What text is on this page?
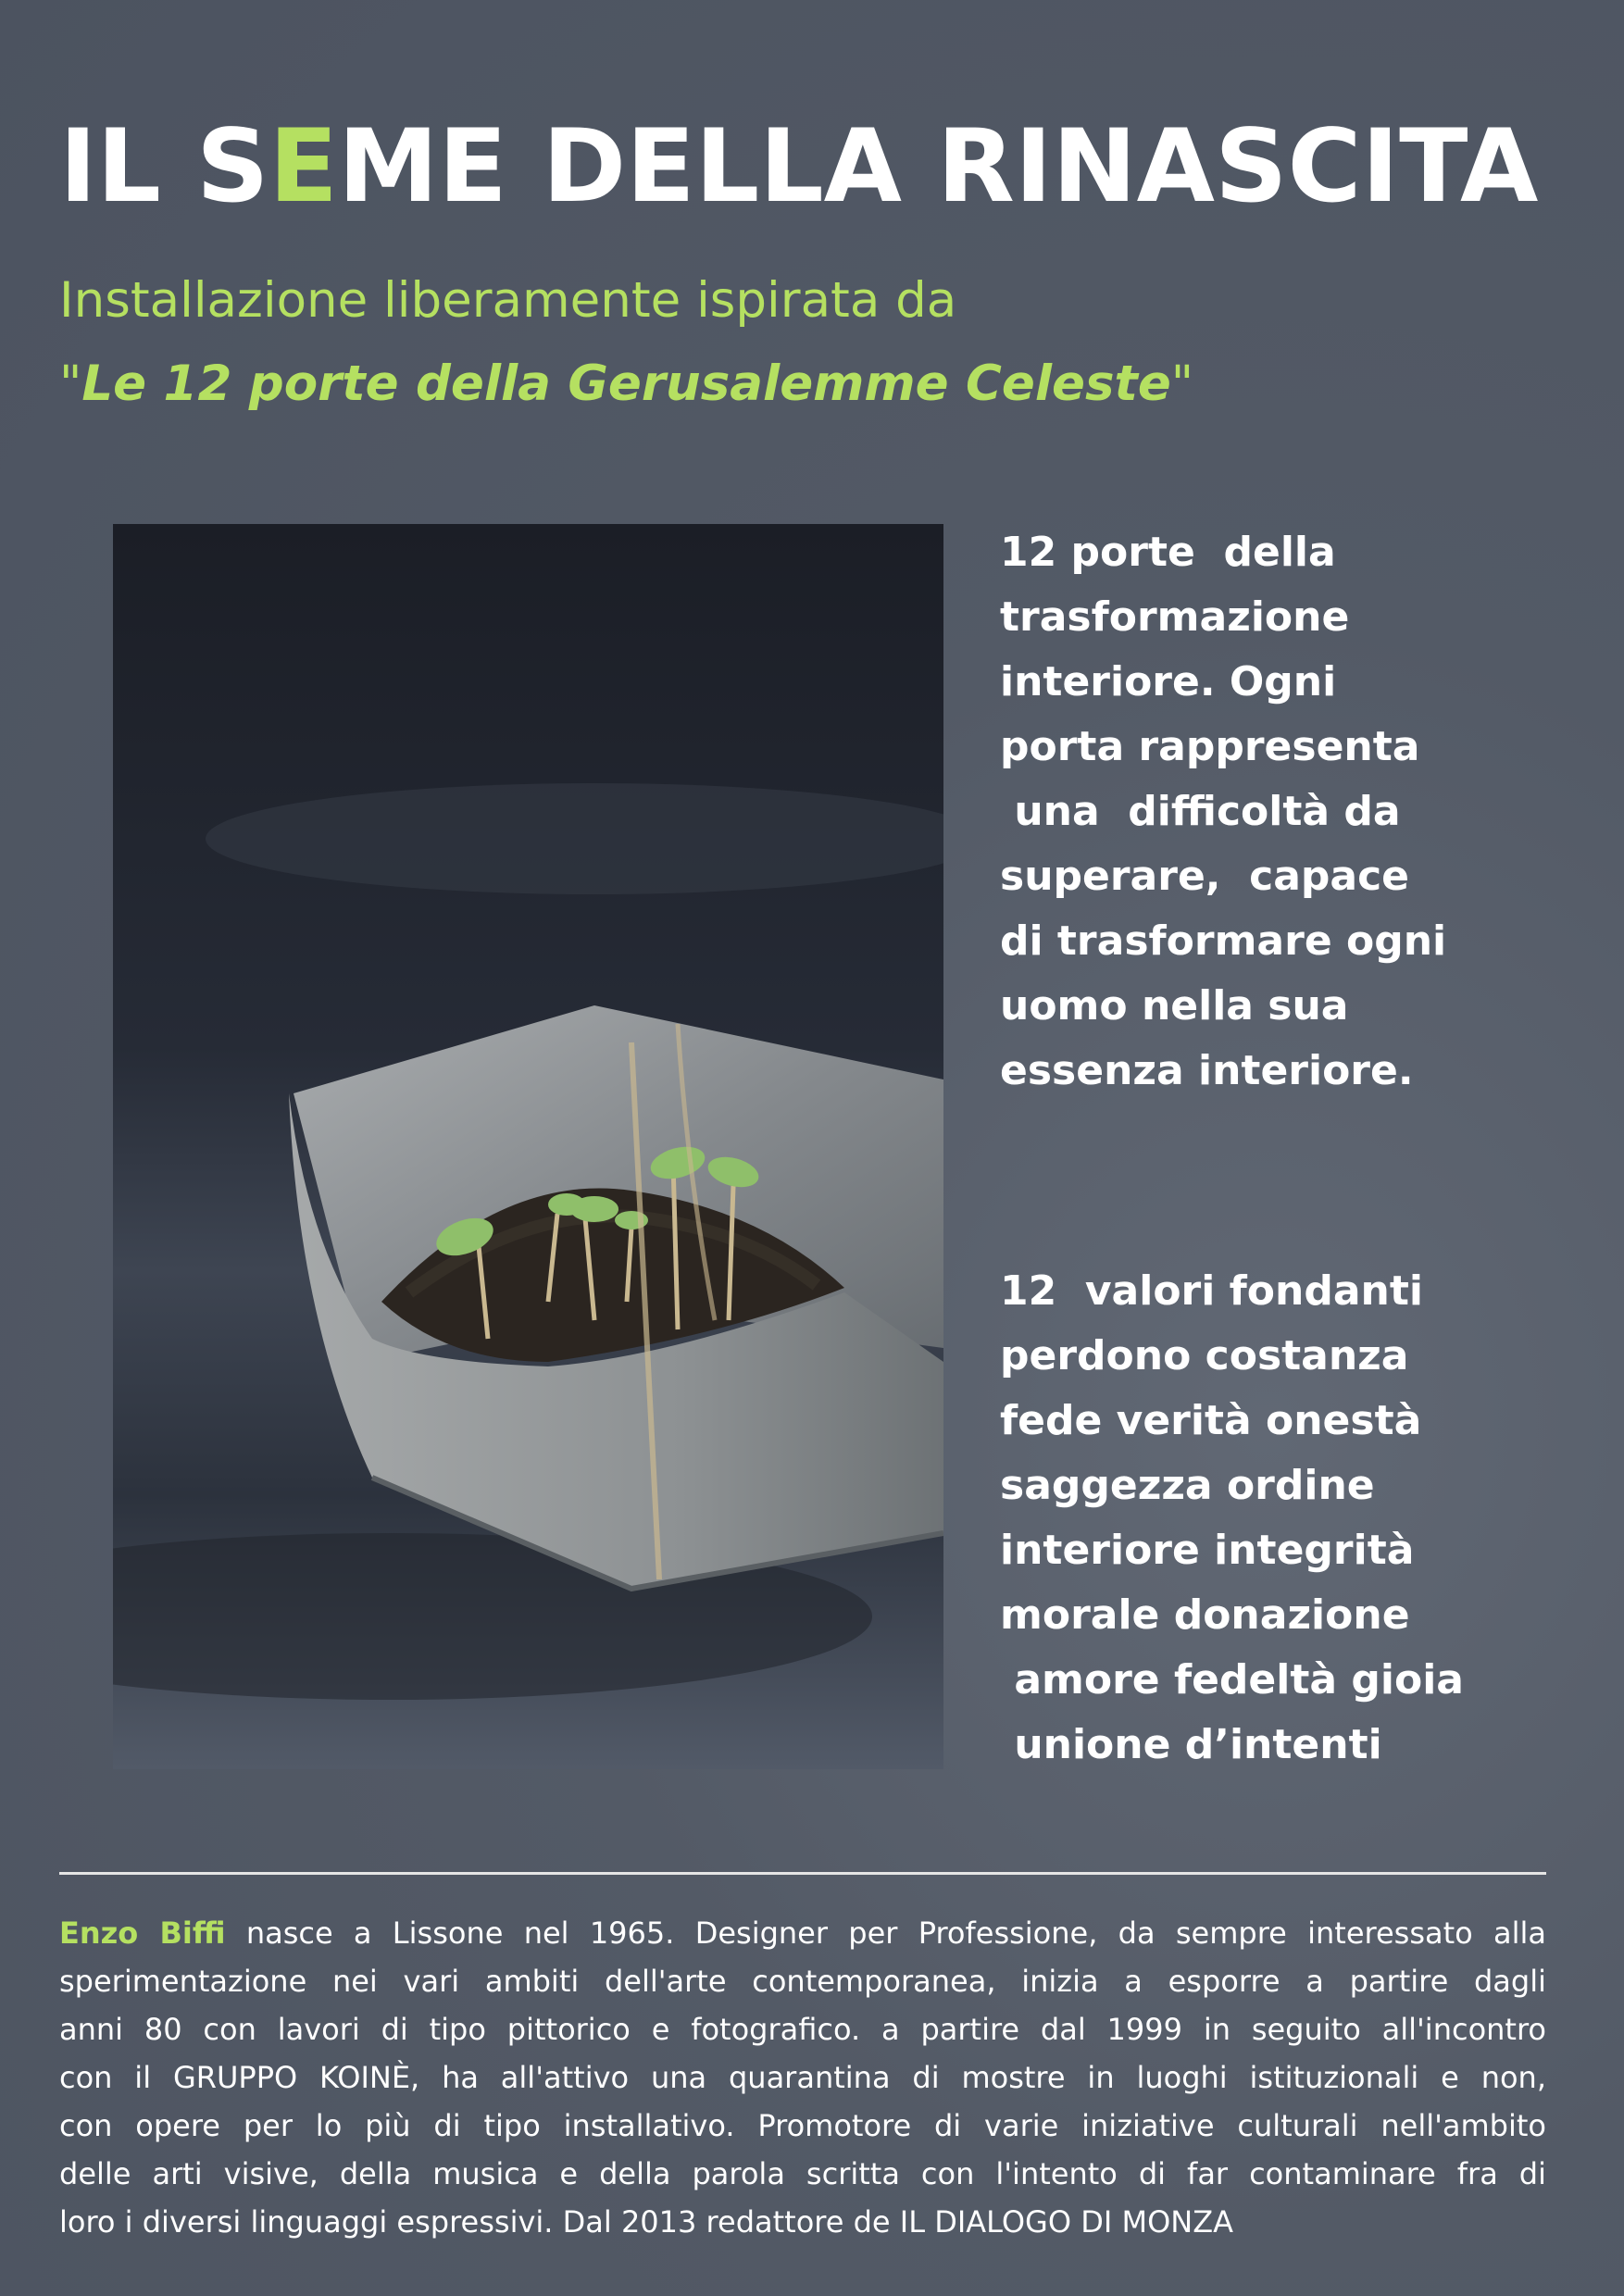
IL SEME DELLA RINASCITA

Installazione liberamente ispirata da

"Le 12 porte della Gerusalemme Celeste"

12 porte  della
trasformazione
interiore. Ogni
porta rappresenta
una  difficoltà da
superare,  capace
di trasformare ogni
uomo nella sua
essenza interiore.

12  valori fondanti
perdono costanza
fede verità onestà
saggezza ordine
interiore integrità
morale donazione
amore fedeltà gioia
unione d’intenti

Enzo Biffi nasce a Lissone nel 1965. Designer per Professione, da sempre interessato alla
sperimentazione nei vari ambiti dell'arte contemporanea, inizia a esporre a partire dagli
anni 80 con lavori di tipo pittorico e fotografico. a partire dal 1999 in seguito all'incontro
con il GRUPPO KOINÈ, ha all'attivo una quarantina di mostre in luoghi istituzionali e non,
con opere per lo più di tipo installativo. Promotore di varie iniziative culturali nell'ambito
delle arti visive, della musica e della parola scritta con l'intento di far contaminare fra di
loro i diversi linguaggi espressivi. Dal 2013 redattore de IL DIALOGO DI MONZA
